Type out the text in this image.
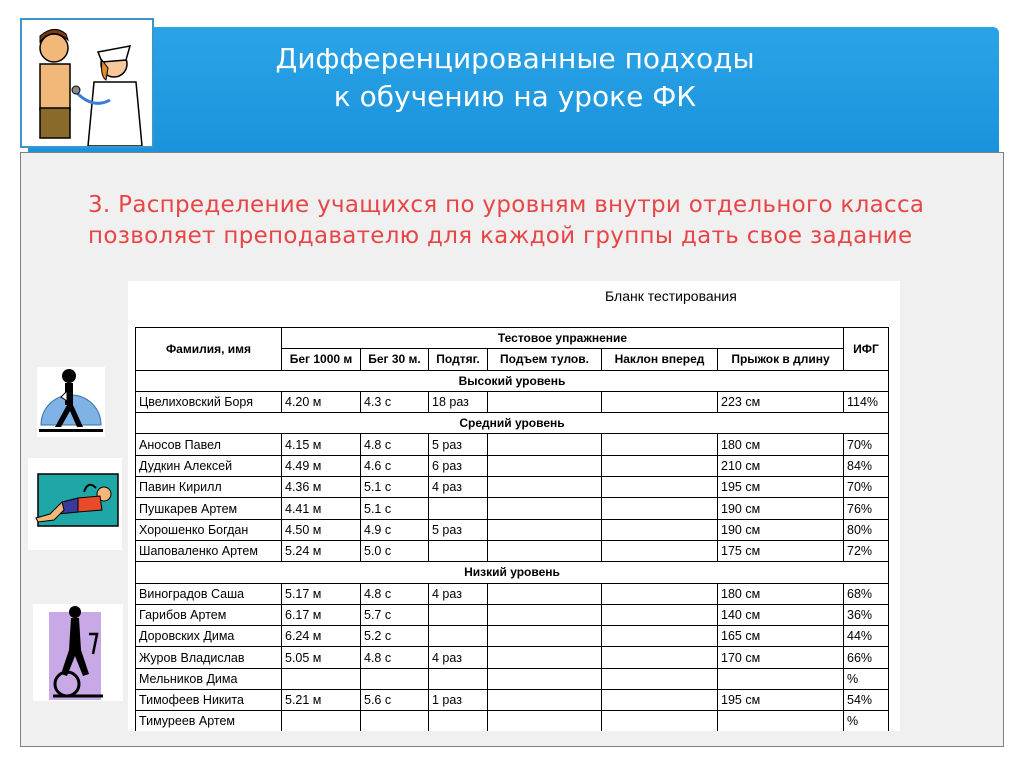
Дифференцированные подходы
к обучению на уроке ФК
3. Распределение учащихся по уровням внутри отдельного класса позволяет преподавателю для каждой группы дать свое задание
Бланк тестирования
Фамилия, имя	Тестовое упражнение						ИФГ
	Бег 1000 м	Бег 30 м.	Подтяг.	Подъем тулов.	Наклон вперед	Прыжок в длину	
Высокий уровень							
Цвелиховский Боря	4.20 м	4.3 с	18 раз			223 см	114%
Средний уровень							
Аносов Павел	4.15 м	4.8 с	5 раз			180 см	70%
Дудкин Алексей	4.49 м	4.6 с	6 раз			210 см	84%
Павин Кирилл	4.36 м	5.1 с	4 раз			195 см	70%
Пушкарев Артем	4.41 м	5.1 с				190 см	76%
Хорошенко Богдан	4.50 м	4.9 с	5 раз			190 см	80%
Шаповаленко Артем	5.24 м	5.0 с				175 см	72%
Низкий уровень							
Виноградов Саша	5.17 м	4.8 с	4 раз			180 см	68%
Гарибов Артем	6.17 м	5.7 с				140 см	36%
Доровских Дима	6.24 м	5.2 с				165 см	44%
Журов Владислав	5.05 м	4.8 с	4 раз			170 см	66%
Мельников Дима							%
Тимофеев Никита	5.21 м	5.6 с	1 раз			195 см	54%
Тимуреев Артем							%
